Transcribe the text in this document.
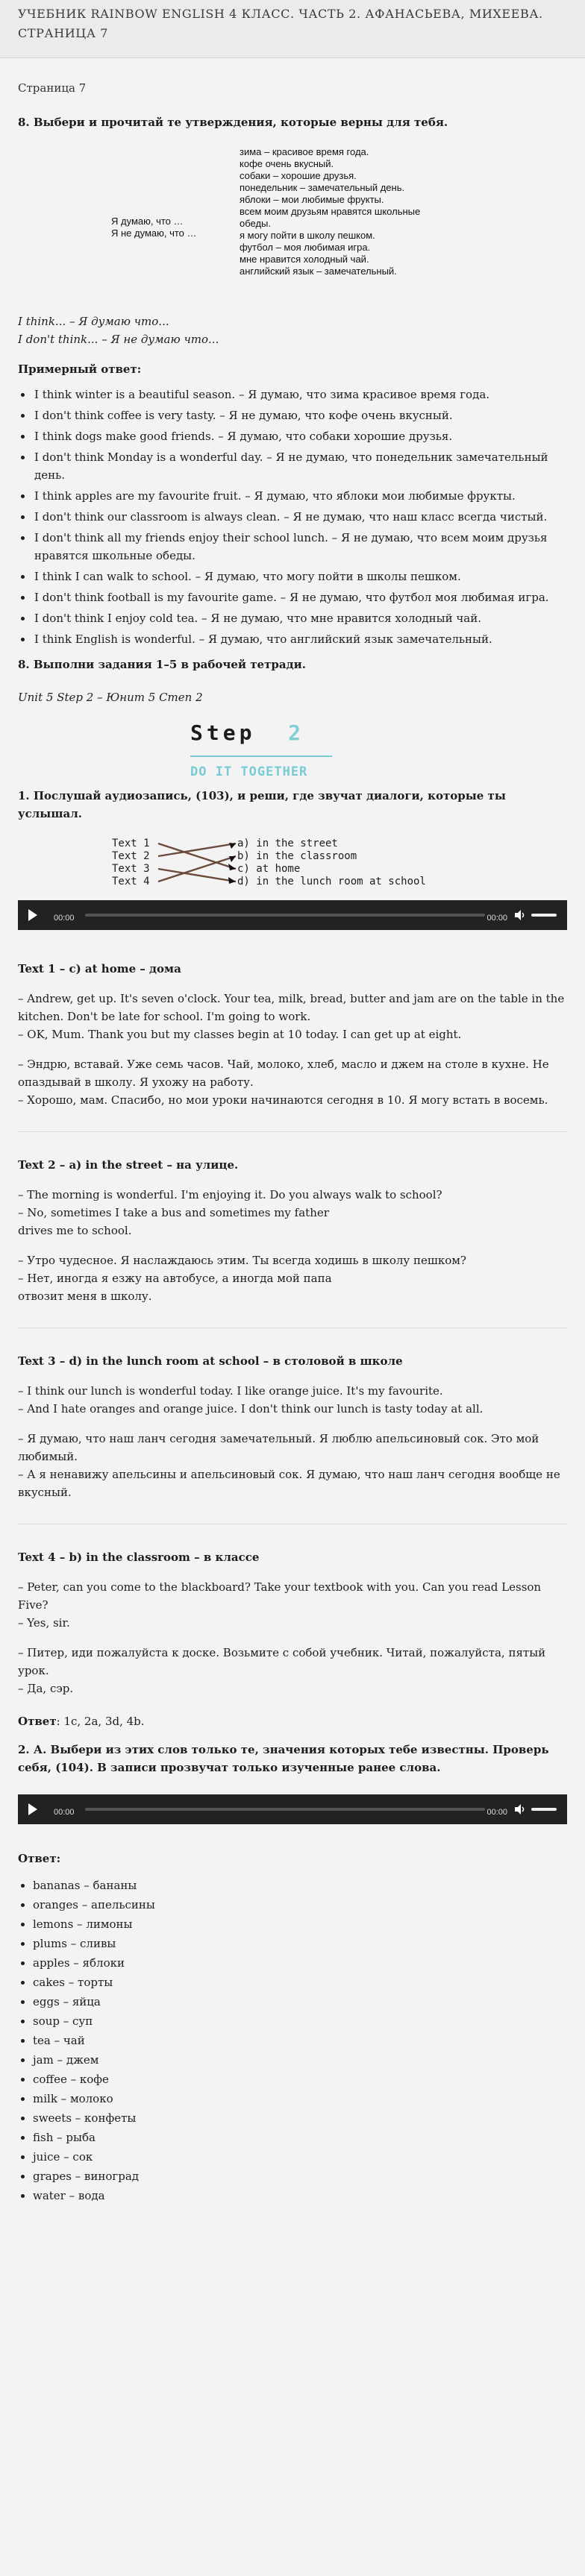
УЧЕБНИК RAINBOW ENGLISH 4 КЛАСС. ЧАСТЬ 2. АФАНАСЬЕВА, МИХЕЕВА. СТРАНИЦА 7

Страница 7

8. Выбери и прочитай те утверждения, которые верны для тебя.

Я думаю, что …
Я не думаю, что …
зима – красивое время года.
кофе очень вкусный.
собаки – хорошие друзья.
понедельник – замечательный день.
яблоки – мои любимые фрукты.
всем моим друзьям нравятся школьные
обеды.
я могу пойти в школу пешком.
футбол – моя любимая игра.
мне нравится холодный чай.
английский язык – замечательный.

I think... – Я думаю что...

I don't think... – Я не думаю что...

Примерный ответ:

• I think winter is a beautiful season. – Я думаю, что зима красивое время года.
• I don't think coffee is very tasty. – Я не думаю, что кофе очень вкусный.
• I think dogs make good friends. – Я думаю, что собаки хорошие друзья.
• I don't think Monday is a wonderful day. – Я не думаю, что понедельник замечательный день.
• I think apples are my favourite fruit. – Я думаю, что яблоки мои любимые фрукты.
• I don't think our classroom is always clean. – Я не думаю, что наш класс всегда чистый.
• I don't think all my friends enjoy their school lunch. – Я не думаю, что всем моим друзья нравятся школьные обеды.
• I think I can walk to school. – Я думаю, что могу пойти в школы пешком.
• I don't think football is my favourite game. – Я не думаю, что футбол моя любимая игра.
• I don't think I enjoy cold tea. – Я не думаю, что мне нравится холодный чай.
• I think English is wonderful. – Я думаю, что английский язык замечательный.

8. Выполни задания 1–5 в рабочей тетради.

Unit 5 Step 2 – Юнит 5 Степ 2

Step 2
DO IT TOGETHER

1. Послушай аудиозапись, (103), и реши, где звучат диалоги, которые ты услышал.

Text 1
Text 2
Text 3
Text 4
a) in the street
b) in the classroom
c) at home
d) in the lunch room at school
00:00	00:00

Text 1 – c) at home – дома

– Andrew, get up. It's seven o'clock. Your tea, milk, bread, butter and jam are on the table in the kitchen. Don't be late for school. I'm going to work.

– OK, Mum. Thank you but my classes begin at 10 today. I can get up at eight.

– Эндрю, вставай. Уже семь часов. Чай, молоко, хлеб, масло и джем на столе в кухне. Не опаздывай в школу. Я ухожу на работу.

– Хорошо, мам. Спасибо, но мои уроки начинаются сегодня в 10. Я могу встать в восемь.

Text 2 – a) in the street – на улице.

– The morning is wonderful. I'm enjoying it. Do you always walk to school?

– No, sometimes I take a bus and sometimes my father drives me to school.

– Утро чудесное. Я наслаждаюсь этим. Ты всегда ходишь в школу пешком?

– Нет, иногда я езжу на автобусе, а иногда мой папа отвозит меня в школу.

Text 3 – d) in the lunch room at school – в столовой в школе

– I think our lunch is wonderful today. I like orange juice. It's my favourite.

– And I hate oranges and orange juice. I don't think our lunch is tasty today at all.

– Я думаю, что наш ланч сегодня замечательный. Я люблю апельсиновый сок. Это мой любимый.

– А я ненавижу апельсины и апельсиновый сок. Я думаю, что наш ланч сегодня вообще не вкусный.

Text 4 – b) in the classroom – в классе

– Peter, can you come to the blackboard? Take your textbook with you. Can you read Lesson Five?

– Yes, sir.

– Питер, иди пожалуйста к доске. Возьмите с собой учебник. Читай, пожалуйста, пятый урок.

– Да, сэр.

Ответ: 1c, 2a, 3d, 4b.

2. А. Выбери из этих слов только те, значения которых тебе известны. Проверь себя, (104). В записи прозвучат только изученные ранее слова.

00:00	00:00

Ответ:

• bananas – бананы
• oranges – апельсины
• lemons – лимоны
• plums – сливы
• apples – яблоки
• cakes – торты
• eggs – яйца
• soup – суп
• tea – чай
• jam – джем
• coffee – кофе
• milk – молоко
• sweets – конфеты
• fish – рыба
• juice – сок
• grapes – виноград
• water – вода
